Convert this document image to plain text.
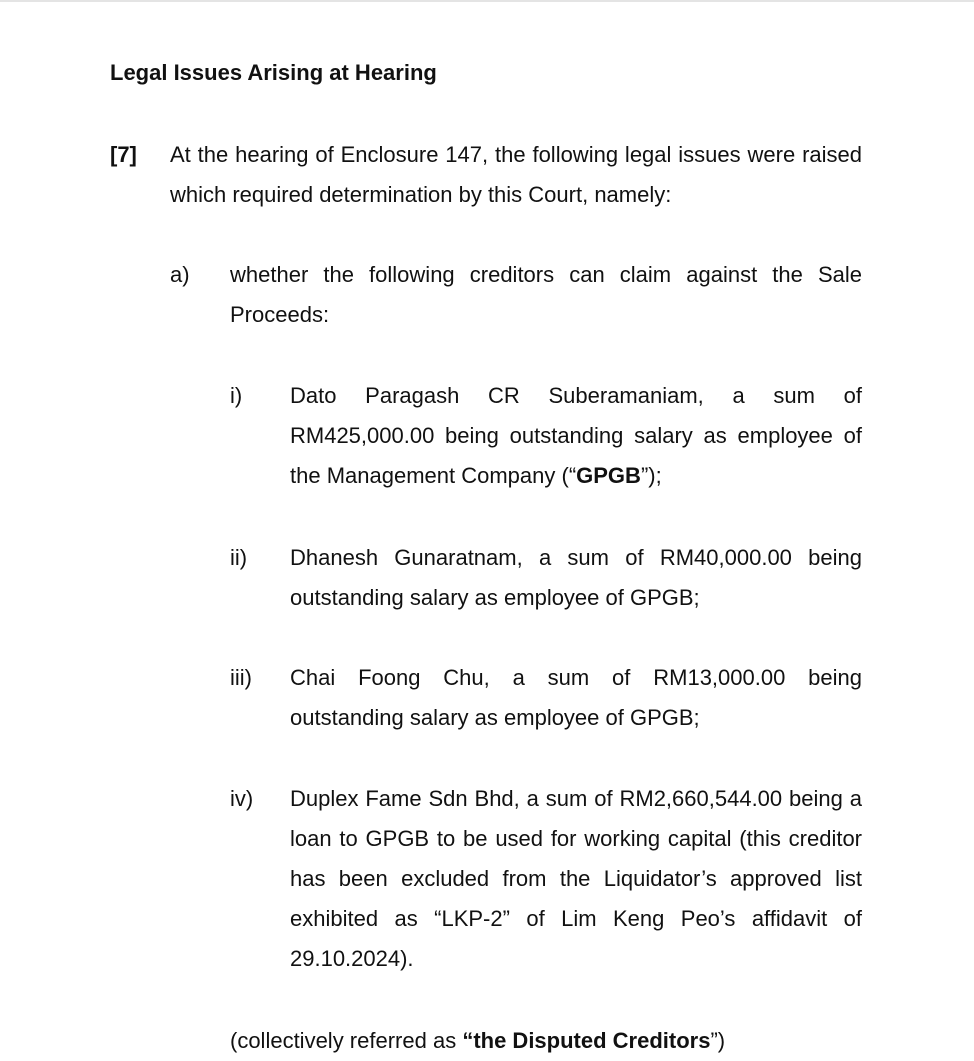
Legal Issues Arising at Hearing
[7] At the hearing of Enclosure 147, the following legal issues were raised which required determination by this Court, namely:

a) whether the following creditors can claim against the Sale Proceeds:

i) Dato Paragash CR Suberamaniam, a sum of RM425,000.00 being outstanding salary as employee of the Management Company (“GPGB”);

ii) Dhanesh Gunaratnam, a sum of RM40,000.00 being outstanding salary as employee of GPGB;

iii) Chai Foong Chu, a sum of RM13,000.00 being outstanding salary as employee of GPGB;

iv) Duplex Fame Sdn Bhd, a sum of RM2,660,544.00 being a loan to GPGB to be used for working capital (this creditor has been excluded from the Liquidator’s approved list exhibited as “LKP-2” of Lim Keng Peo’s affidavit of 29.10.2024).

(collectively referred as “the Disputed Creditors”)
